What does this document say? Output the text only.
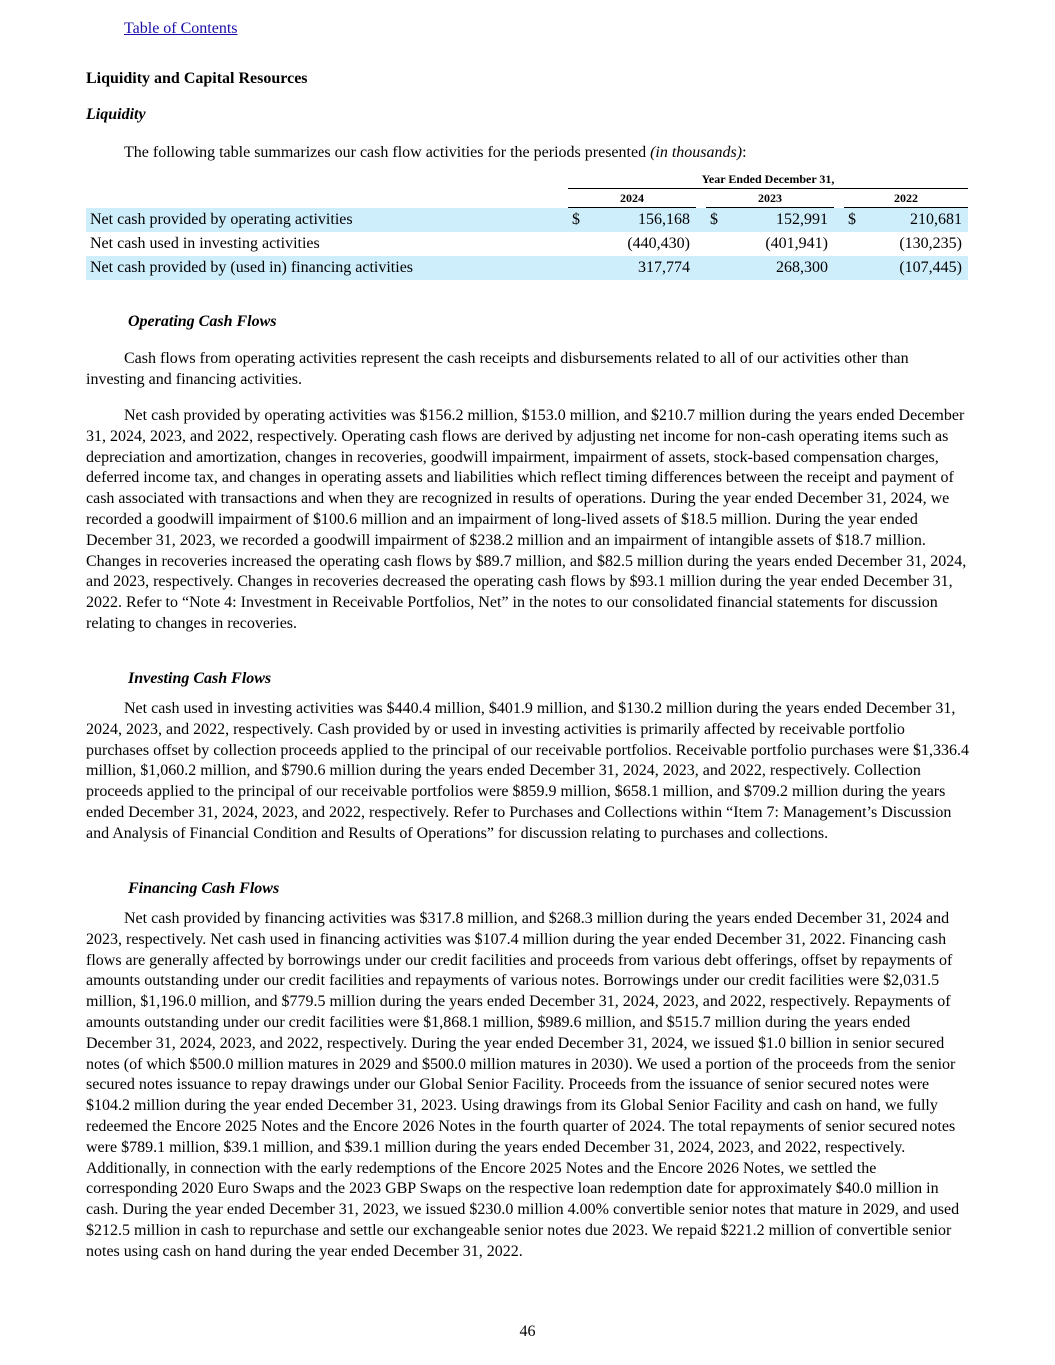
Table of Contents
Liquidity and Capital Resources
Liquidity
The following table summarizes our cash flow activities for the periods presented (in thousands):
	Year Ended December 31,							
	2024			2023			2022	
Net cash provided by operating activities	$	156,168		$	152,991		$	210,681
Net cash used in investing activities		(440,430)			(401,941)			(130,235)
Net cash provided by (used in) financing activities		317,774			268,300			(107,445)
Operating Cash Flows

Cash flows from operating activities represent the cash receipts and disbursements related to all of our activities other than investing and financing activities.

Net cash provided by operating activities was $156.2 million, $153.0 million, and $210.7 million during the years ended December 31, 2024, 2023, and 2022, respectively. Operating cash flows are derived by adjusting net income for non-cash operating items such as depreciation and amortization, changes in recoveries, goodwill impairment, impairment of assets, stock-based compensation charges, deferred income tax, and changes in operating assets and liabilities which reflect timing differences between the receipt and payment of cash associated with transactions and when they are recognized in results of operations. During the year ended December 31, 2024, we recorded a goodwill impairment of $100.6 million and an impairment of long-lived assets of $18.5 million. During the year ended December 31, 2023, we recorded a goodwill impairment of $238.2 million and an impairment of intangible assets of $18.7 million. Changes in recoveries increased the operating cash flows by $89.7 million, and $82.5 million during the years ended December 31, 2024, and 2023, respectively. Changes in recoveries decreased the operating cash flows by $93.1 million during the year ended December 31, 2022. Refer to “Note 4: Investment in Receivable Portfolios, Net” in the notes to our consolidated financial statements for discussion relating to changes in recoveries.

Investing Cash Flows

Net cash used in investing activities was $440.4 million, $401.9 million, and $130.2 million during the years ended December 31, 2024, 2023, and 2022, respectively. Cash provided by or used in investing activities is primarily affected by receivable portfolio purchases offset by collection proceeds applied to the principal of our receivable portfolios. Receivable portfolio purchases were $1,336.4 million, $1,060.2 million, and $790.6 million during the years ended December 31, 2024, 2023, and 2022, respectively. Collection proceeds applied to the principal of our receivable portfolios were $859.9 million, $658.1 million, and $709.2 million during the years ended December 31, 2024, 2023, and 2022, respectively. Refer to Purchases and Collections within “Item 7: Management’s Discussion and Analysis of Financial Condition and Results of Operations” for discussion relating to purchases and collections.

Financing Cash Flows

Net cash provided by financing activities was $317.8 million, and $268.3 million during the years ended December 31, 2024 and 2023, respectively. Net cash used in financing activities was $107.4 million during the year ended December 31, 2022. Financing cash flows are generally affected by borrowings under our credit facilities and proceeds from various debt offerings, offset by repayments of amounts outstanding under our credit facilities and repayments of various notes. Borrowings under our credit facilities were $2,031.5 million, $1,196.0 million, and $779.5 million during the years ended December 31, 2024, 2023, and 2022, respectively. Repayments of amounts outstanding under our credit facilities were $1,868.1 million, $989.6 million, and $515.7 million during the years ended December 31, 2024, 2023, and 2022, respectively. During the year ended December 31, 2024, we issued $1.0 billion in senior secured notes (of which $500.0 million matures in 2029 and $500.0 million matures in 2030). We used a portion of the proceeds from the senior secured notes issuance to repay drawings under our Global Senior Facility. Proceeds from the issuance of senior secured notes were $104.2 million during the year ended December 31, 2023. Using drawings from its Global Senior Facility and cash on hand, we fully redeemed the Encore 2025 Notes and the Encore 2026 Notes in the fourth quarter of 2024. The total repayments of senior secured notes were $789.1 million, $39.1 million, and $39.1 million during the years ended December 31, 2024, 2023, and 2022, respectively. Additionally, in connection with the early redemptions of the Encore 2025 Notes and the Encore 2026 Notes, we settled the corresponding 2020 Euro Swaps and the 2023 GBP Swaps on the respective loan redemption date for approximately $40.0 million in cash. During the year ended December 31, 2023, we issued $230.0 million 4.00% convertible senior notes that mature in 2029, and used $212.5 million in cash to repurchase and settle our exchangeable senior notes due 2023. We repaid $221.2 million of convertible senior notes using cash on hand during the year ended December 31, 2022.

46
